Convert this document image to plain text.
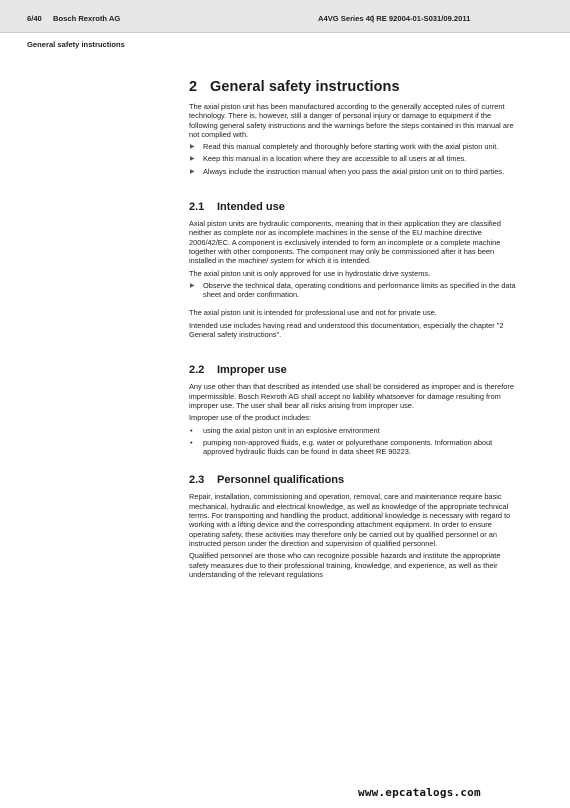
6/40 Bosch Rexroth AG	A4VG Series 40
| RE 92004-01-S031/09.2011
General safety instructions
2 General safety instructions

The axial piston unit has been manufactured according to the generally accepted rules of current technology. There is, however, still a danger of personal injury or damage to equipment if the following general safety instructions and the warnings before the steps contained in this manual are not complied with.

▶ Read this manual completely and thoroughly before starting work with the axial piston unit.
▶ Keep this manual in a location where they are accessible to all users at all times.
▶ Always include the instruction manual when you pass the axial piston unit on to third parties.
2.1 Intended use

Axial piston units are hydraulic components, meaning that in their application they are classified neither as complete nor as incomplete machines in the sense of the EU machine directive 2006/42/EC. A component is exclusively intended to form an incomplete or a complete machine together with other components. The component may only be commissioned after it has been installed in the machine/ system for which it is intended.

The axial piston unit is only approved for use in hydrostatic drive systems.

▶ Observe the technical data, operating conditions and performance limits as specified in the data sheet and order confirmation.

The axial piston unit is intended for professional use and not for private use.

Intended use includes having read and understood this documentation, especially the chapter "2 General safety instructions".

2.2 Improper use

Any use other than that described as intended use shall be considered as improper and is therefore impermissible. Bosch Rexroth AG shall accept no liability whatsoever for damage resulting from improper use. The user shall bear all risks arising from improper use.

Improper use of the product includes:

• using the axial piston unit in an explosive environment
• pumping non-approved fluids, e.g. water or polyurethane components. Information about approved hydraulic fluids can be found in data sheet RE 90223.
2.3 Personnel qualifications

Repair, installation, commissioning and operation, removal, care and maintenance require basic mechanical, hydraulic and electrical knowledge, as well as knowledge of the appropriate technical terms. For transporting and handling the product, additional knowledge is necessary with regard to working with a lifting device and the corresponding attachment equipment. In order to ensure operating safety, these activities may therefore only be carried out by qualified personnel or an instructed person under the direction and supervision of qualified personnel.

Qualified personnel are those who can recognize possible hazards and institute the appropriate safety measures due to their professional training, knowledge, and experience, as well as their understanding of the relevant regulations

www.epcatalogs.com
